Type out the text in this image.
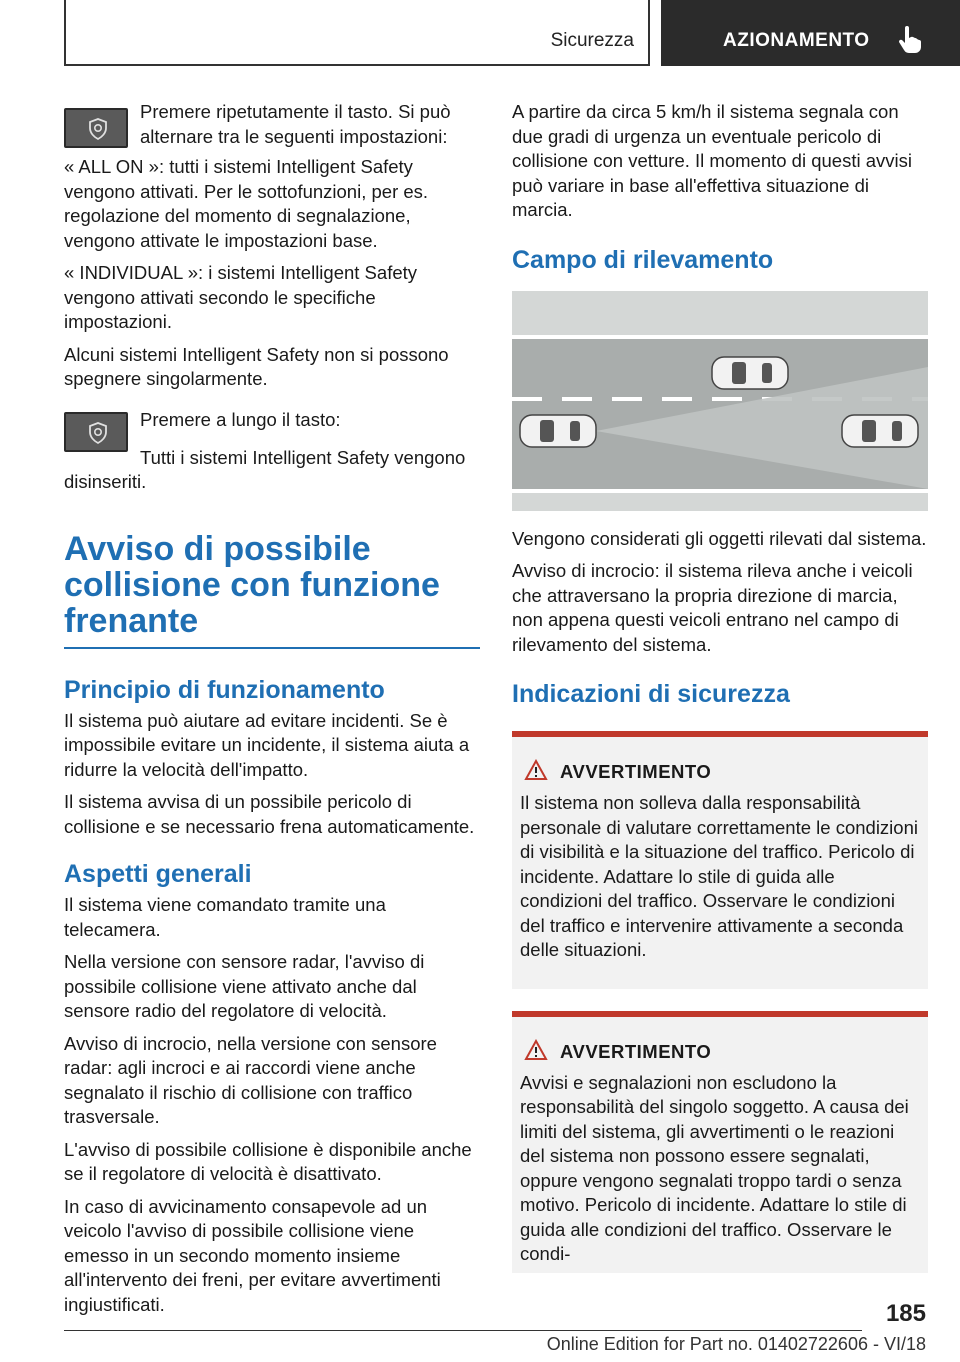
Sicurezza	AZIONAMENTO

Premere ripetutamente il tasto. Si può alternare tra le seguenti impostazioni:

« ALL ON »: tutti i sistemi Intelligent Safety vengono attivati. Per le sottofunzioni, per es. regolazione del momento di segnalazione, vengono attivate le impostazioni base.

« INDIVIDUAL »: i sistemi Intelligent Safety vengono attivati secondo le specifiche impostazioni.

Alcuni sistemi Intelligent Safety non si possono spegnere singolarmente.

Premere a lungo il tasto:

Tutti i sistemi Intelligent Safety vengono disinseriti.

Avviso di possibile collisione con funzione frenante
Principio di funzionamento

Il sistema può aiutare ad evitare incidenti. Se è impossibile evitare un incidente, il sistema aiuta a ridurre la velocità dell'impatto.

Il sistema avvisa di un possibile pericolo di collisione e se necessario frena automaticamente.

Aspetti generali

Il sistema viene comandato tramite una telecamera.

Nella versione con sensore radar, l'avviso di possibile collisione viene attivato anche dal sensore radio del regolatore di velocità.

Avviso di incrocio, nella versione con sensore radar: agli incroci e ai raccordi viene anche segnalato il rischio di collisione con traffico trasversale.

L'avviso di possibile collisione è disponibile anche se il regolatore di velocità è disattivato.

In caso di avvicinamento consapevole ad un veicolo l'avviso di possibile collisione viene emesso in un secondo momento insieme all'intervento dei freni, per evitare avvertimenti ingiustificati.

A partire da circa 5 km/h il sistema segnala con due gradi di urgenza un eventuale pericolo di collisione con vetture. Il momento di questi avvisi può variare in base all'effettiva situazione di marcia.

Campo di rilevamento

Vengono considerati gli oggetti rilevati dal sistema.

Avviso di incrocio: il sistema rileva anche i veicoli che attraversano la propria direzione di marcia, non appena questi veicoli entrano nel campo di rilevamento del sistema.

Indicazioni di sicurezza
AVVERTIMENTO

Il sistema non solleva dalla responsabilità personale di valutare correttamente le condizioni di visibilità e la situazione del traffico. Pericolo di incidente. Adattare lo stile di guida alle condizioni del traffico. Osservare le condizioni del traffico e intervenire attivamente a seconda delle situazioni.

AVVERTIMENTO

Avvisi e segnalazioni non escludono la responsabilità del singolo soggetto. A causa dei limiti del sistema, gli avvertimenti o le reazioni del sistema non possono essere segnalati, oppure vengono segnalati troppo tardi o senza motivo. Pericolo di incidente. Adattare lo stile di guida alle condizioni del traffico. Osservare le condi-

185
Online Edition for Part no. 01402722606 - VI/18
